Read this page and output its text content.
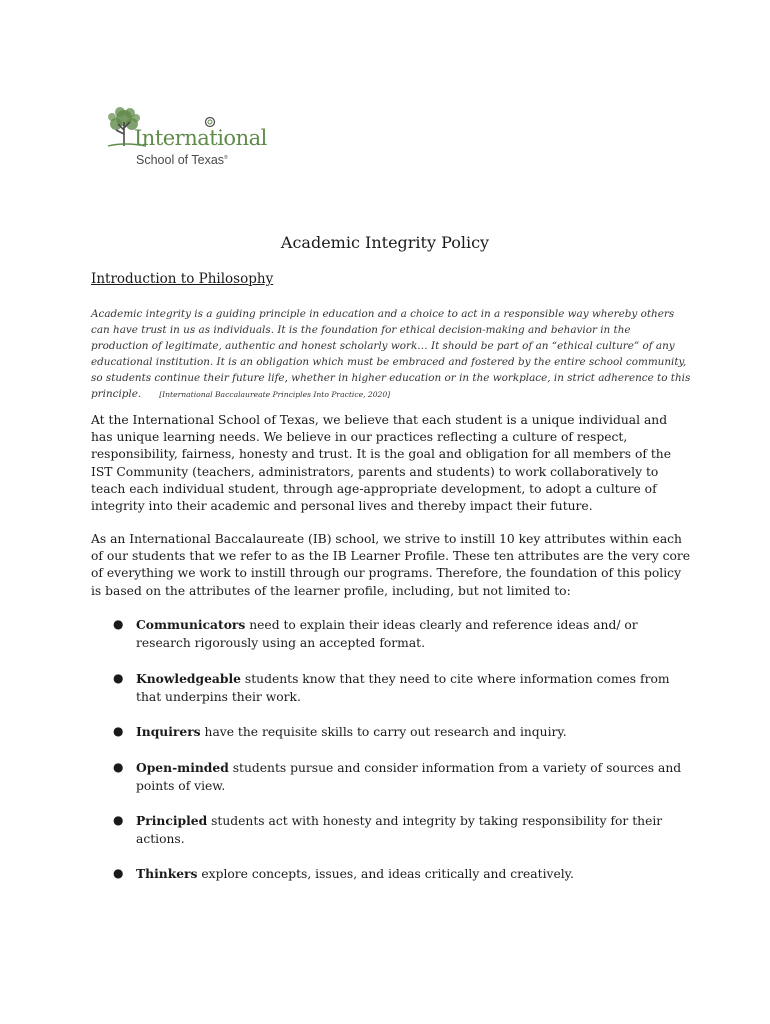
International
School of Texas®
Academic Integrity Policy
Introduction to Philosophy
Academic integrity is a guiding principle in education and a choice to act in a responsible way whereby others can have trust in us as individuals. It is the foundation for ethical decision-making and behavior in the production of legitimate, authentic and honest scholarly work… It should be part of an “ethical culture” of any educational institution. It is an obligation which must be embraced and fostered by the entire school community, so students continue their future life, whether in higher education or in the workplace, in strict adherence to this principle. [International Baccalaureate Principles Into Practice, 2020]
At the International School of Texas, we believe that each student is a unique individual and has unique learning needs. We believe in our practices reflecting a culture of respect, responsibility, fairness, honesty and trust. It is the goal and obligation for all members of the IST Community (teachers, administrators, parents and students) to work collaboratively to teach each individual student, through age-appropriate development, to adopt a culture of integrity into their academic and personal lives and thereby impact their future.
As an International Baccalaureate (IB) school, we strive to instill 10 key attributes within each of our students that we refer to as the IB Learner Profile. These ten attributes are the very core of everything we work to instill through our programs. Therefore, the foundation of this policy is based on the attributes of the learner profile, including, but not limited to:
● Communicators need to explain their ideas clearly and reference ideas and/ or research rigorously using an accepted format.
● Knowledgeable students know that they need to cite where information comes from that underpins their work.
● Inquirers have the requisite skills to carry out research and inquiry.
● Open-minded students pursue and consider information from a variety of sources and points of view.
● Principled students act with honesty and integrity by taking responsibility for their actions.
● Thinkers explore concepts, issues, and ideas critically and creatively.
